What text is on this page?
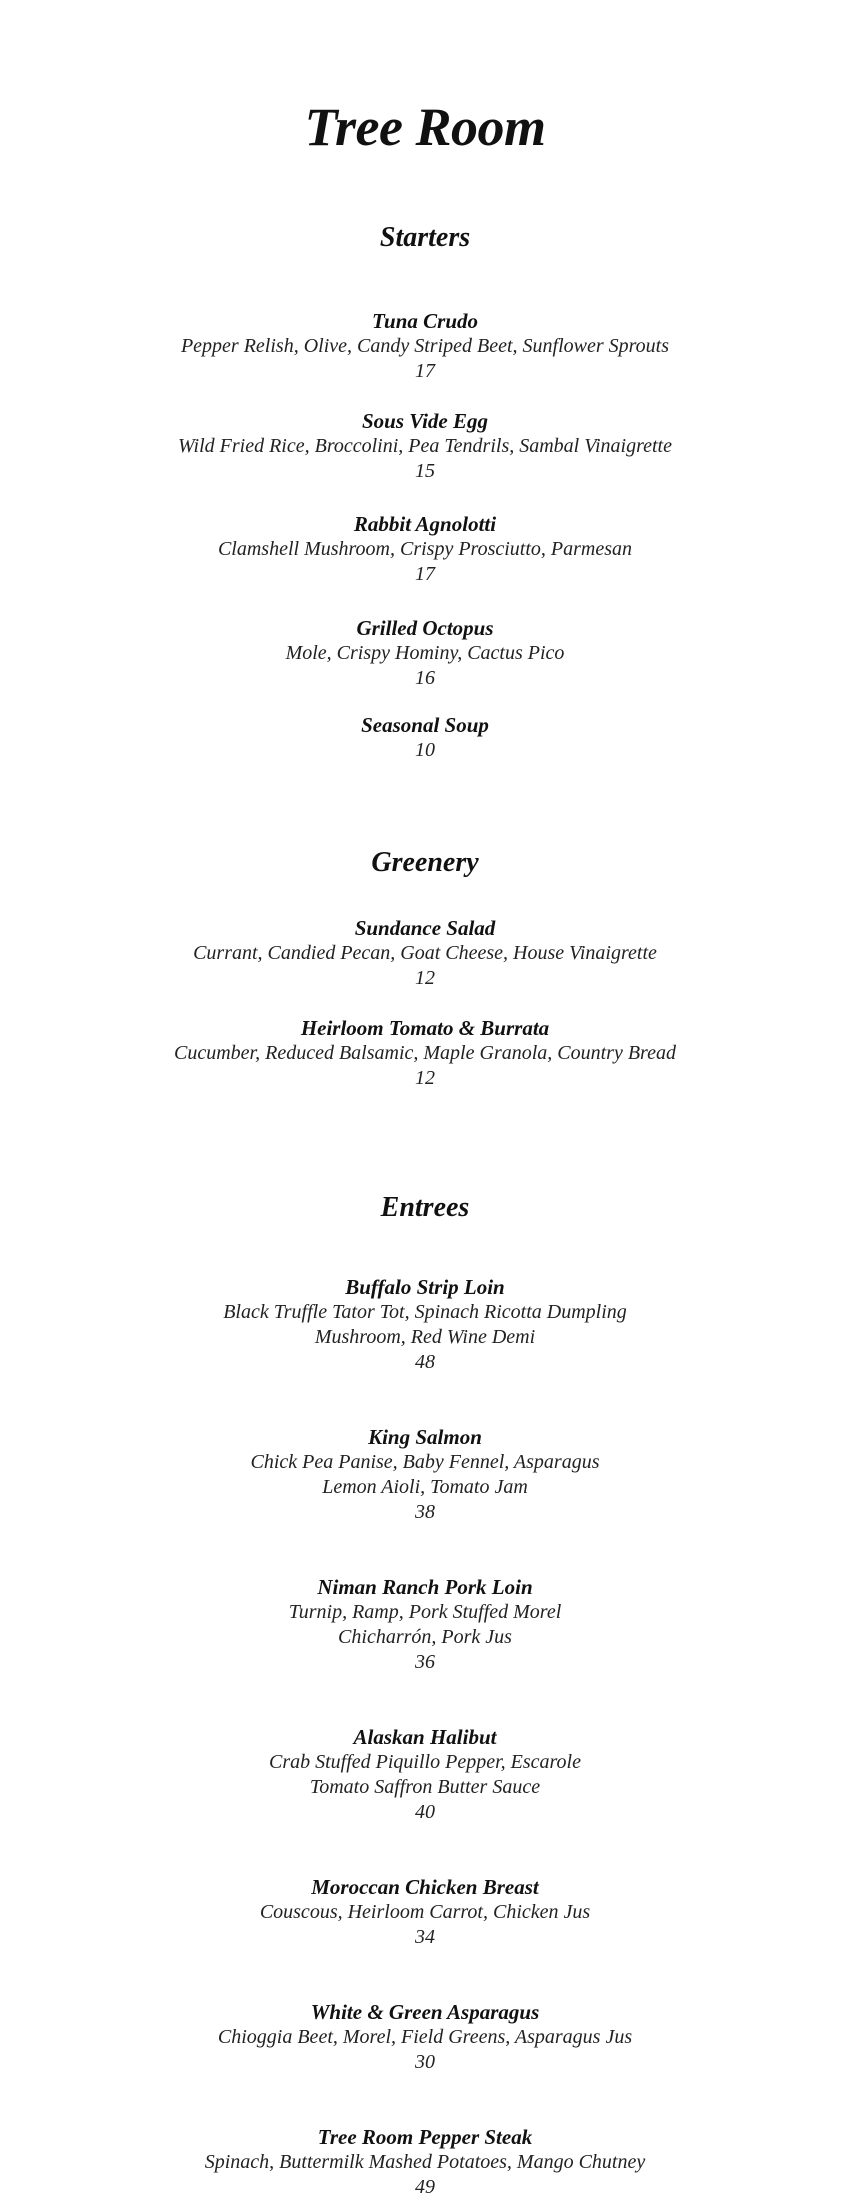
Tree Room
Starters
Tuna Crudo
Pepper Relish, Olive, Candy Striped Beet, Sunflower Sprouts
17
Sous Vide Egg
Wild Fried Rice, Broccolini, Pea Tendrils, Sambal Vinaigrette
15
Rabbit Agnolotti
Clamshell Mushroom, Crispy Prosciutto, Parmesan
17
Grilled Octopus
Mole, Crispy Hominy, Cactus Pico
16
Seasonal Soup
10
Greenery
Sundance Salad
Currant, Candied Pecan, Goat Cheese, House Vinaigrette
12
Heirloom Tomato & Burrata
Cucumber, Reduced Balsamic, Maple Granola, Country Bread
12
Entrees
Buffalo Strip Loin
Black Truffle Tator Tot, Spinach Ricotta Dumpling
Mushroom, Red Wine Demi
48
King Salmon
Chick Pea Panise, Baby Fennel, Asparagus
Lemon Aioli, Tomato Jam
38
Niman Ranch Pork Loin
Turnip, Ramp, Pork Stuffed Morel
Chicharrón, Pork Jus
36
Alaskan Halibut
Crab Stuffed Piquillo Pepper, Escarole
Tomato Saffron Butter Sauce
40
Moroccan Chicken Breast
Couscous, Heirloom Carrot, Chicken Jus
34
White & Green Asparagus
Chioggia Beet, Morel, Field Greens, Asparagus Jus
30
Tree Room Pepper Steak
Spinach, Buttermilk Mashed Potatoes, Mango Chutney
49
